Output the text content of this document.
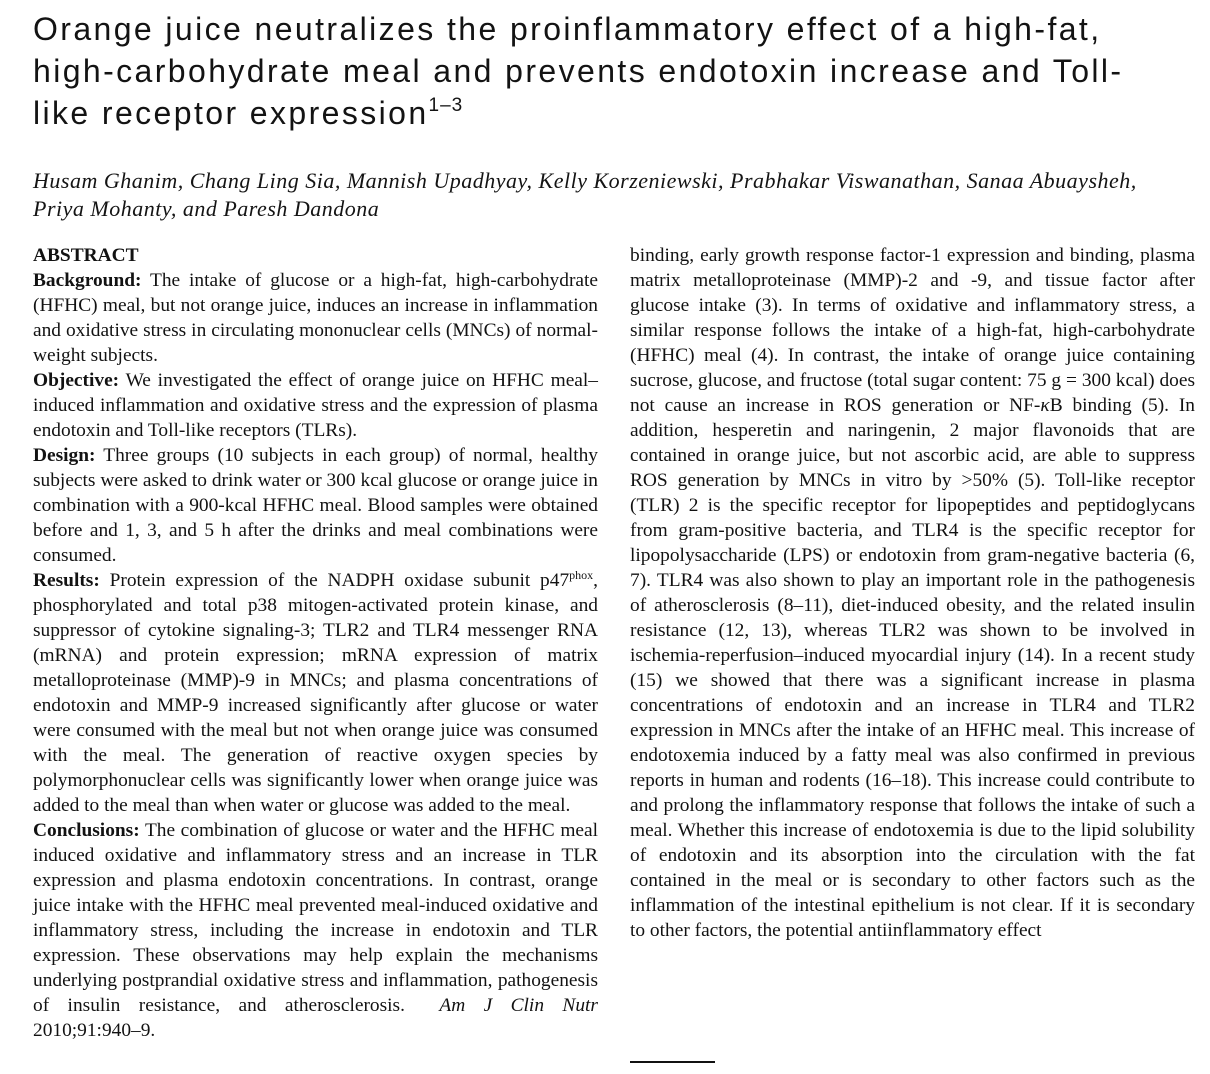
Orange juice neutralizes the proinflammatory effect of a high-fat, high-carbohydrate meal and prevents endotoxin increase and Toll-like receptor expression$^{1-3}$

Husam Ghanim, Chang Ling Sia, Mannish Upadhyay, Kelly Korzeniewski, Prabhakar Viswanathan, Sanaa Abuaysheh, Priya Mohanty, and Paresh Dandona

ABSTRACT

Background: The intake of glucose or a high-fat, high-carbohydrate (HFHC) meal, but not orange juice, induces an increase in inflammation and oxidative stress in circulating mononuclear cells (MNCs) of normal-weight subjects.

Objective: We investigated the effect of orange juice on HFHC meal–induced inflammation and oxidative stress and the expression of plasma endotoxin and Toll-like receptors (TLRs).

Design: Three groups (10 subjects in each group) of normal, healthy subjects were asked to drink water or 300 kcal glucose or orange juice in combination with a 900-kcal HFHC meal. Blood samples were obtained before and 1, 3, and 5 h after the drinks and meal combinations were consumed.

Results: Protein expression of the NADPH oxidase subunit $p47^{phox}$, phosphorylated and total p38 mitogen-activated protein kinase, and suppressor of cytokine signaling-3; TLR2 and TLR4 messenger RNA (mRNA) and protein expression; mRNA expression of matrix metalloproteinase (MMP)-9 in MNCs; and plasma concentrations of endotoxin and MMP-9 increased significantly after glucose or water were consumed with the meal but not when orange juice was consumed with the meal. The generation of reactive oxygen species by polymorphonuclear cells was significantly lower when orange juice was added to the meal than when water or glucose was added to the meal.

Conclusions: The combination of glucose or water and the HFHC meal induced oxidative and inflammatory stress and an increase in TLR expression and plasma endotoxin concentrations. In contrast, orange juice intake with the HFHC meal prevented meal-induced oxidative and inflammatory stress, including the increase in endotoxin and TLR expression. These observations may help explain the mechanisms underlying postprandial oxidative stress and inflammation, pathogenesis of insulin resistance, and atherosclerosis. Am J Clin Nutr 2010;91:940–9.

binding, early growth response factor-1 expression and binding, plasma matrix metalloproteinase (MMP)-2 and -9, and tissue factor after glucose intake (3). In terms of oxidative and inflammatory stress, a similar response follows the intake of a high-fat, high-carbohydrate (HFHC) meal (4). In contrast, the intake of orange juice containing sucrose, glucose, and fructose (total sugar content: 75 g = 300 kcal) does not cause an increase in ROS generation or NF-κB binding (5). In addition, hesperetin and naringenin, 2 major flavonoids that are contained in orange juice, but not ascorbic acid, are able to suppress ROS generation by MNCs in vitro by >50% (5). Toll-like receptor (TLR) 2 is the specific receptor for lipopeptides and peptidoglycans from gram-positive bacteria, and TLR4 is the specific receptor for lipopolysaccharide (LPS) or endotoxin from gram-negative bacteria (6, 7). TLR4 was also shown to play an important role in the pathogenesis of atherosclerosis (8–11), diet-induced obesity, and the related insulin resistance (12, 13), whereas TLR2 was shown to be involved in ischemia-reperfusion–induced myocardial injury (14). In a recent study (15) we showed that there was a significant increase in plasma concentrations of endotoxin and an increase in TLR4 and TLR2 expression in MNCs after the intake of an HFHC meal. This increase of endotoxemia induced by a fatty meal was also confirmed in previous reports in human and rodents (16–18). This increase could contribute to and prolong the inflammatory response that follows the intake of such a meal. Whether this increase of endotoxemia is due to the lipid solubility of endotoxin and its absorption into the circulation with the fat contained in the meal or is secondary to other factors such as the inflammation of the intestinal epithelium is not clear. If it is secondary to other factors, the potential antiinflammatory effect
